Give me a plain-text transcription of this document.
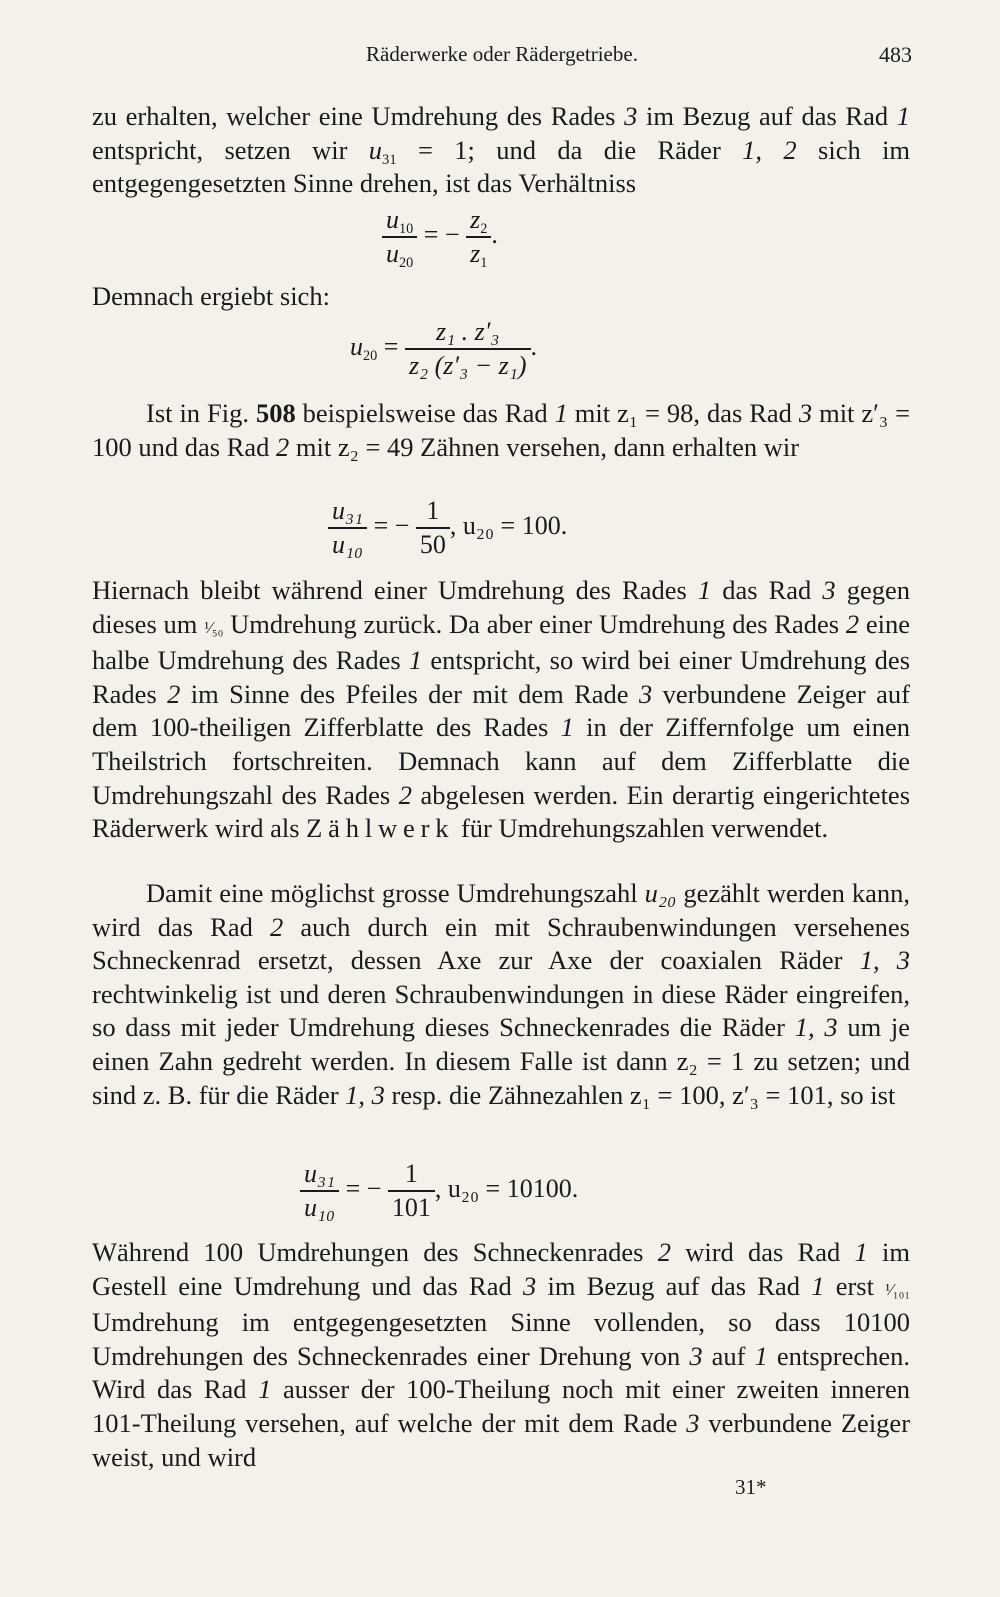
Räderwerke oder Rädergetriebe.	483

zu erhalten, welcher eine Umdrehung des Rades 3 im Bezug auf das Rad 1 entspricht, setzen wir $u_{31} = 1$; und da die Räder 1, 2 sich im entgegengesetzten Sinne drehen, ist das Verhältniss

$\frac{u_{10}}{u_{20}}$ = − $\frac{z_2}{z_1}$ .

Demnach ergiebt sich:

$u_{20} = \frac{\text{z₁ . z′₃}}{\text{z₂ (z′₃ − z₁)}}$ .

Ist in Fig. 508 beispielsweise das Rad 1 mit z₁ = 98, das Rad 3 mit z′₃ = 100 und das Rad 2 mit z₂ = 49 Zähnen versehen, dann erhalten wir

$\frac{\text{u₃₁}}{\text{u₁₀}}$ = − $\frac{1}{50}$ , u₂₀ = 100.

Hiernach bleibt während einer Umdrehung des Rades 1 das Rad 3 gegen dieses um ¹⁄₅₀ Umdrehung zurück. Da aber einer Umdrehung des Rades 2 eine halbe Umdrehung des Rades 1 entspricht, so wird bei einer Umdrehung des Rades 2 im Sinne des Pfeiles der mit dem Rade 3 verbundene Zeiger auf dem 100-theiligen Zifferblatte des Rades 1 in der Ziffernfolge um einen Theilstrich fortschreiten. Demnach kann auf dem Zifferblatte die Umdrehungszahl des Rades 2 abgelesen werden. Ein derartig eingerichtetes Räderwerk wird als Zählwerk für Umdrehungszahlen verwendet.

Damit eine möglichst grosse Umdrehungszahl u₂₀ gezählt werden kann, wird das Rad 2 auch durch ein mit Schraubenwindungen versehenes Schneckenrad ersetzt, dessen Axe zur Axe der coaxialen Räder 1, 3 rechtwinkelig ist und deren Schraubenwindungen in diese Räder eingreifen, so dass mit jeder Umdrehung dieses Schneckenrades die Räder 1, 3 um je einen Zahn gedreht werden. In diesem Falle ist dann z₂ = 1 zu setzen; und sind z. B. für die Räder 1, 3 resp. die Zähnezahlen z₁ = 100, z′₃ = 101, so ist

$\frac{\text{u₃₁}}{\text{u₁₀}}$ = − $\frac{1}{101}$ , u₂₀ = 10100.

Während 100 Umdrehungen des Schneckenrades 2 wird das Rad 1 im Gestell eine Umdrehung und das Rad 3 im Bezug auf das Rad 1 erst ¹⁄₁₀₁ Umdrehung im entgegengesetzten Sinne vollenden, so dass 10100 Umdrehungen des Schneckenrades einer Drehung von 3 auf 1 entsprechen. Wird das Rad 1 ausser der 100-Theilung noch mit einer zweiten inneren 101-Theilung versehen, auf welche der mit dem Rade 3 verbundene Zeiger weist, und wird

31*
